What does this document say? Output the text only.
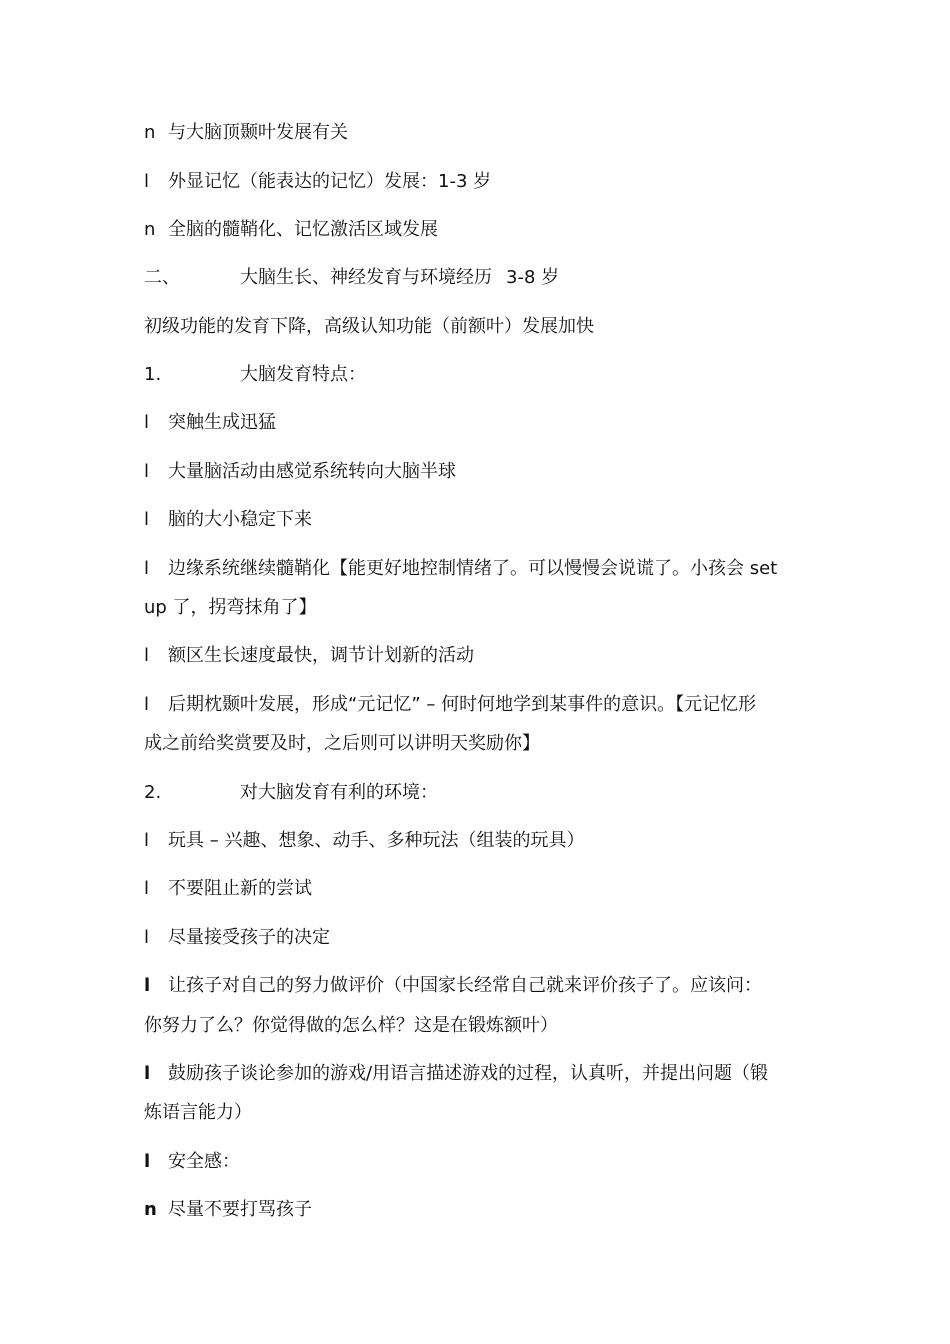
n 与大脑顶颞叶发展有关
l 外显记忆（能表达的记忆）发展：1-3 岁
n 全脑的髓鞘化、记忆激活区域发展
二、	大脑生长、神经发育与环境经历 3-8 岁
初级功能的发育下降，高级认知功能（前额叶）发展加快
1.	大脑发育特点：
l 突触生成迅猛
l 大量脑活动由感觉系统转向大脑半球
l 脑的大小稳定下来
l 边缘系统继续髓鞘化【能更好地控制情绪了。可以慢慢会说谎了。小孩会 set
up 了，拐弯抹角了】
l 额区生长速度最快，调节计划新的活动
l 后期枕颞叶发展，形成“元记忆” – 何时何地学到某事件的意识。【元记忆形
成之前给奖赏要及时，之后则可以讲明天奖励你】
2.	对大脑发育有利的环境：
l 玩具 – 兴趣、想象、动手、多种玩法（组装的玩具）
l 不要阻止新的尝试
l 尽量接受孩子的决定
l 让孩子对自己的努力做评价（中国家长经常自己就来评价孩子了。应该问：
你努力了么？你觉得做的怎么样？这是在锻炼额叶）
l 鼓励孩子谈论参加的游戏/用语言描述游戏的过程，认真听，并提出问题（锻
炼语言能力）
l 安全感：
n 尽量不要打骂孩子
